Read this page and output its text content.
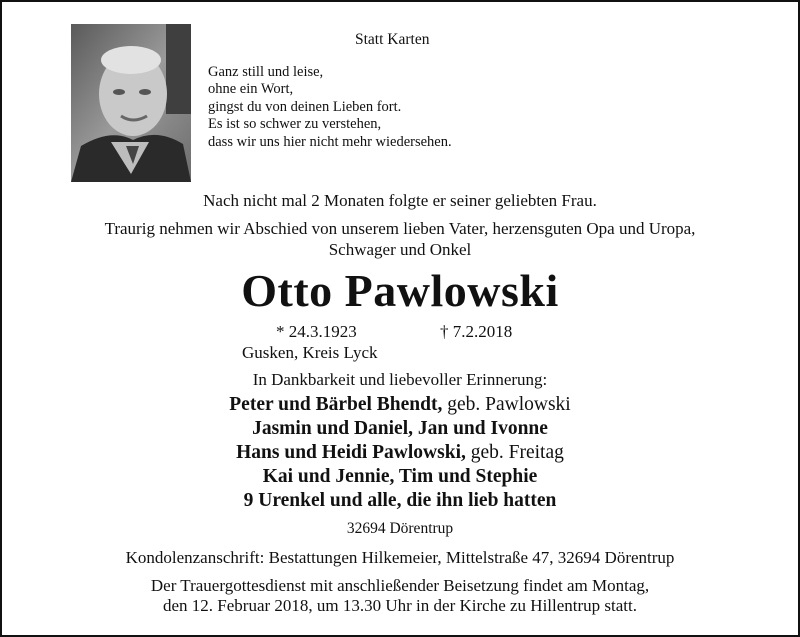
Statt Karten
Ganz still und leise,
ohne ein Wort,
gingst du von deinen Lieben fort.
Es ist so schwer zu verstehen,
dass wir uns hier nicht mehr wiedersehen.
Nach nicht mal 2 Monaten folgte er seiner geliebten Frau.
Traurig nehmen wir Abschied von unserem lieben Vater, herzensguten Opa und Uropa,
Schwager und Onkel
Otto Pawlowski
* 24.3.1923	† 7.2.2018
Gusken, Kreis Lyck
In Dankbarkeit und liebevoller Erinnerung:
Peter und Bärbel Bhendt, geb. Pawlowski
Jasmin und Daniel, Jan und Ivonne
Hans und Heidi Pawlowski, geb. Freitag
Kai und Jennie, Tim und Stephie
9 Urenkel und alle, die ihn lieb hatten
32694 Dörentrup
Kondolenzanschrift: Bestattungen Hilkemeier, Mittelstraße 47, 32694 Dörentrup
Der Trauergottesdienst mit anschließender Beisetzung findet am Montag,
den 12. Februar 2018, um 13.30 Uhr in der Kirche zu Hillentrup statt.
